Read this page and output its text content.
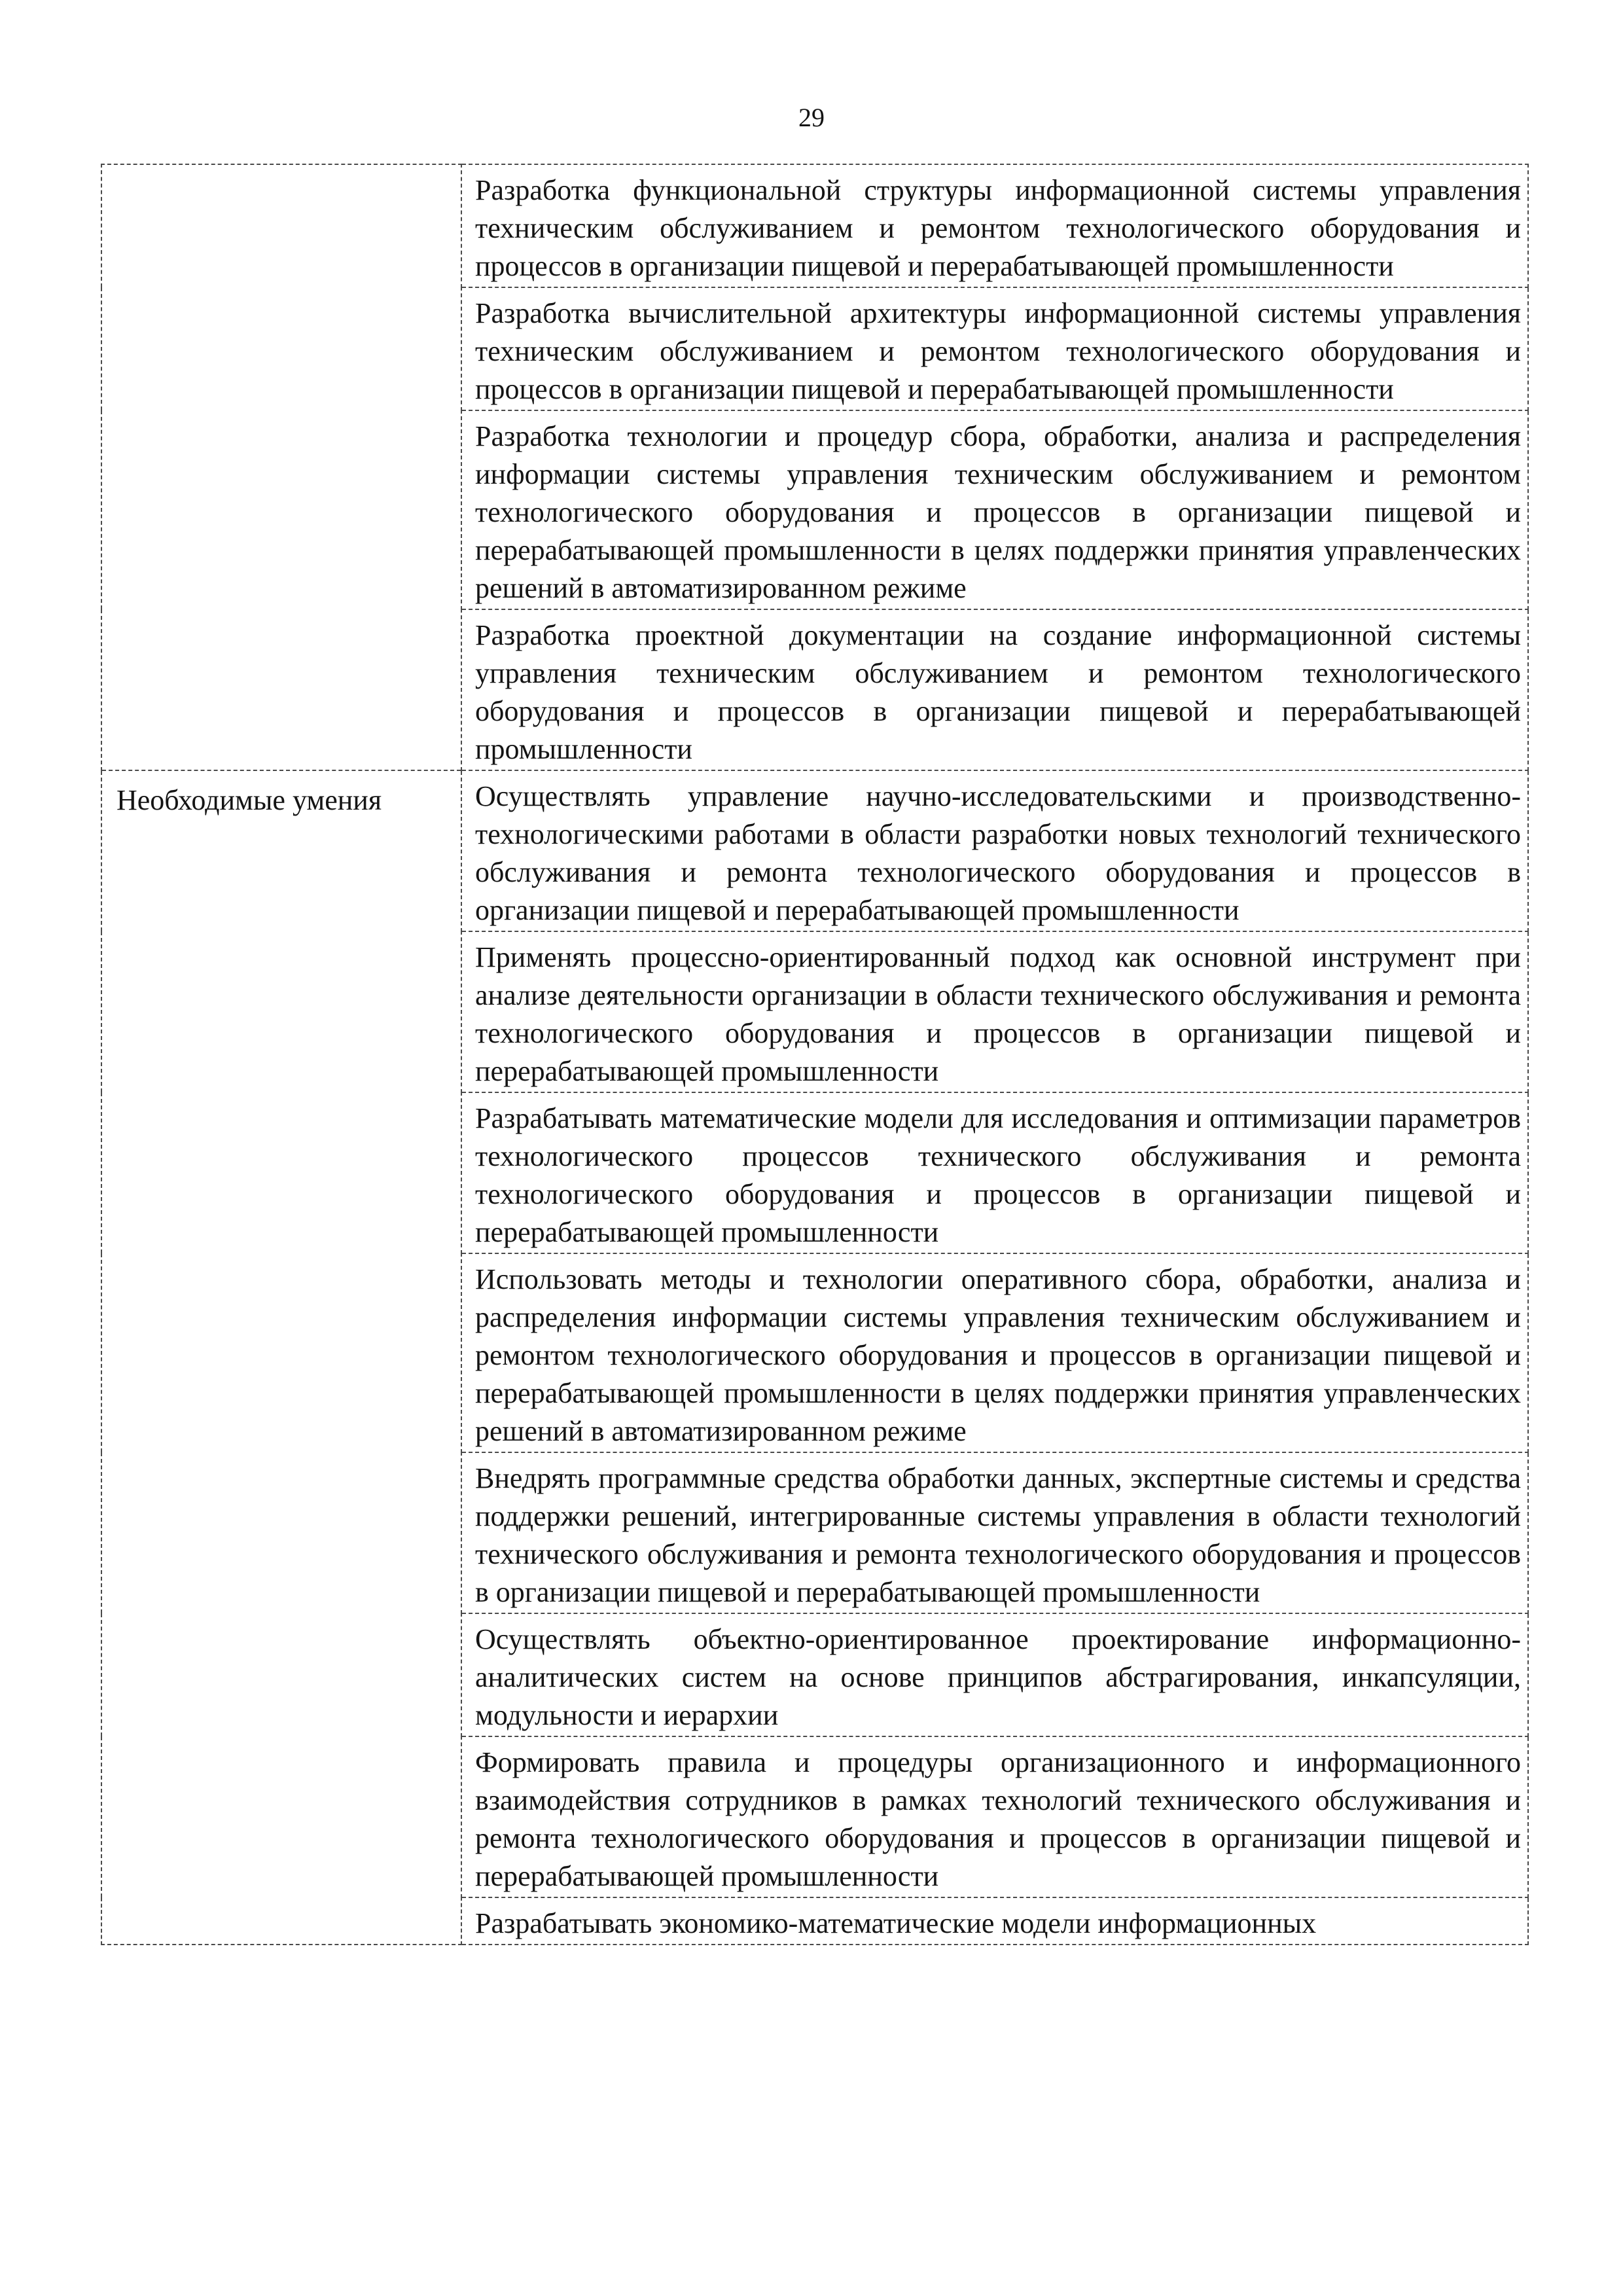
29

	Разработка функциональной структуры информационной системы управления техническим обслуживанием и ремонтом технологического оборудования и процессов в организации пищевой и перерабатывающей промышленности

	Разработка вычислительной архитектуры информационной системы управления техническим обслуживанием и ремонтом технологического оборудования и процессов в организации пищевой и перерабатывающей промышленности

	Разработка технологии и процедур сбора, обработки, анализа и распределения информации системы управления техническим обслуживанием и ремонтом технологического оборудования и процессов в организации пищевой и перерабатывающей промышленности в целях поддержки принятия управленческих решений в автоматизированном режиме

	Разработка проектной документации на создание информационной системы управления техническим обслуживанием и ремонтом технологического оборудования и процессов в организации пищевой и перерабатывающей промышленности

Необходимые умения	Осуществлять управление научно-исследовательскими и производственно-технологическими работами в области разработки новых технологий технического обслуживания и ремонта технологического оборудования и процессов в организации пищевой и перерабатывающей промышленности

	Применять процессно-ориентированный подход как основной инструмент при анализе деятельности организации в области технического обслуживания и ремонта технологического оборудования и процессов в организации пищевой и перерабатывающей промышленности

	Разрабатывать математические модели для исследования и оптимизации параметров технологического процессов технического обслуживания и ремонта технологического оборудования и процессов в организации пищевой и перерабатывающей промышленности

	Использовать методы и технологии оперативного сбора, обработки, анализа и распределения информации системы управления техническим обслуживанием и ремонтом технологического оборудования и процессов в организации пищевой и перерабатывающей промышленности в целях поддержки принятия управленческих решений в автоматизированном режиме

	Внедрять программные средства обработки данных, экспертные системы и средства поддержки решений, интегрированные системы управления в области технологий технического обслуживания и ремонта технологического оборудования и процессов в организации пищевой и перерабатывающей промышленности

	Осуществлять объектно-ориентированное проектирование информационно-аналитических систем на основе принципов абстрагирования, инкапсуляции, модульности и иерархии

	Формировать правила и процедуры организационного и информационного взаимодействия сотрудников в рамках технологий технического обслуживания и ремонта технологического оборудования и процессов в организации пищевой и перерабатывающей промышленности

	Разрабатывать экономико-математические модели информационных
